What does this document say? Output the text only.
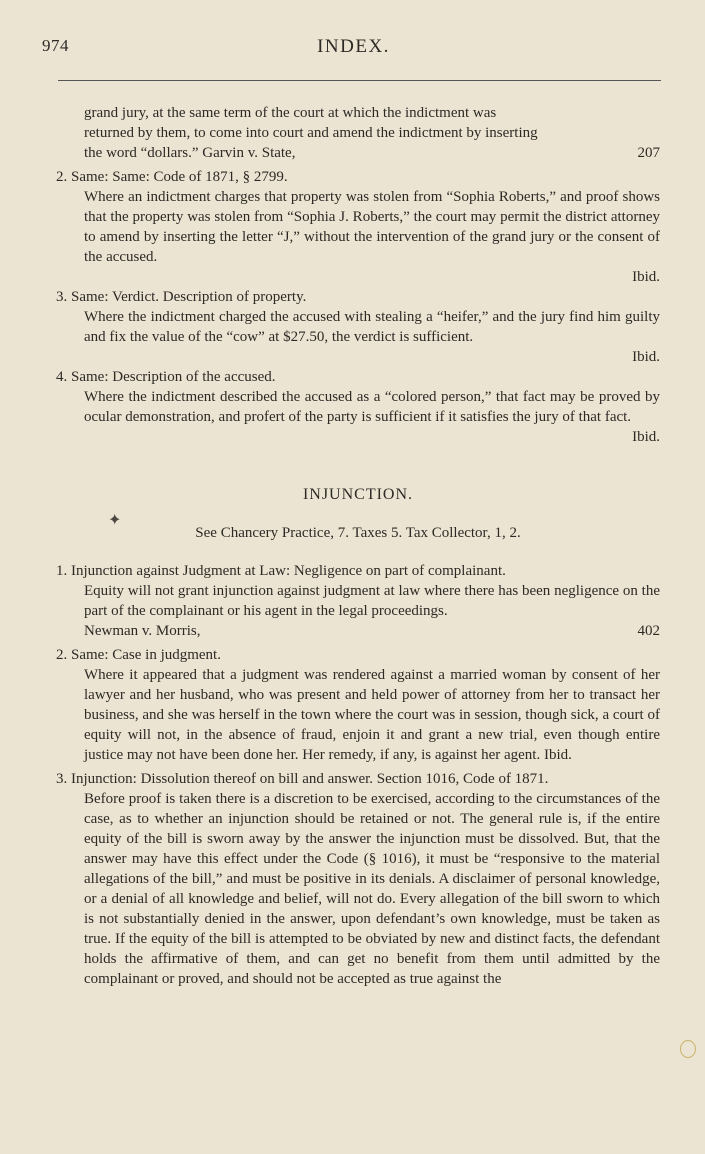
974	INDEX.

grand jury, at the same term of the court at which the indictment was

returned by them, to come into court and amend the indictment by inserting

the word “dollars.” Garvin v. State,	207

2. Same: Same: Code of 1871, § 2799.

Where an indictment charges that property was stolen from “Sophia Roberts,” and proof shows that the property was stolen from “Sophia J. Roberts,” the court may permit the district attorney to amend by inserting the letter “J,” without the intervention of the grand jury or the consent of the accused.

Ibid.

3. Same: Verdict. Description of property.

Where the indictment charged the accused with stealing a “heifer,” and the jury find him guilty and fix the value of the “cow” at $27.50, the verdict is sufficient.

Ibid.

4. Same: Description of the accused.

Where the indictment described the accused as a “colored person,” that fact may be proved by ocular demonstration, and profert of the party is sufficient if it satisfies the jury of that fact.

Ibid.

INJUNCTION.

See Chancery Practice, 7. Taxes 5. Tax Collector, 1, 2.

1. Injunction against Judgment at Law: Negligence on part of complainant.

Equity will not grant injunction against judgment at law where there has been negligence on the part of the complainant or his agent in the legal proceedings.

Newman v. Morris,	402

2. Same: Case in judgment.

Where it appeared that a judgment was rendered against a married woman by consent of her lawyer and her husband, who was present and held power of attorney from her to transact her business, and she was herself in the town where the court was in session, though sick, a court of equity will not, in the absence of fraud, enjoin it and grant a new trial, even though entire justice may not have been done her. Her remedy, if any, is against her agent. Ibid.

3. Injunction: Dissolution thereof on bill and answer. Section 1016, Code of 1871.

Before proof is taken there is a discretion to be exercised, according to the circumstances of the case, as to whether an injunction should be retained or not. The general rule is, if the entire equity of the bill is sworn away by the answer the injunction must be dissolved. But, that the answer may have this effect under the Code (§ 1016), it must be “responsive to the material allegations of the bill,” and must be positive in its denials. A disclaimer of personal knowledge, or a denial of all knowledge and belief, will not do. Every allegation of the bill sworn to which is not substantially denied in the answer, upon defendant’s own knowledge, must be taken as true. If the equity of the bill is attempted to be obviated by new and distinct facts, the defendant holds the affirmative of them, and can get no benefit from them until admitted by the complainant or proved, and should not be accepted as true against the

✦
